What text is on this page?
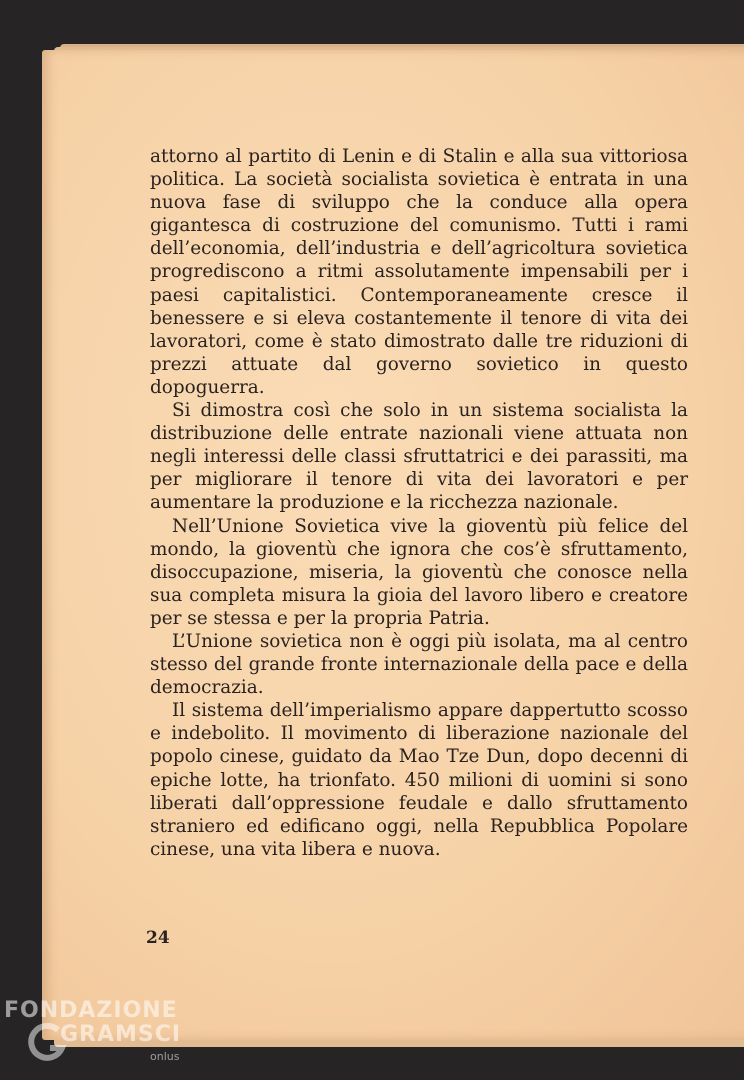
attorno al partito di Lenin e di Stalin e alla sua vittoriosa politica. La società socialista sovietica è entrata in una nuova fase di sviluppo che la conduce alla opera gigantesca di costruzione del comunismo. Tutti i rami dell’economia, dell’industria e dell’agricoltura sovietica progrediscono a ritmi assolutamente impensabili per i paesi capitalistici. Contemporaneamente cresce il benessere e si eleva costantemente il tenore di vita dei lavoratori, come è stato dimostrato dalle tre riduzioni di prezzi attuate dal governo sovietico in questo dopoguerra.

Si dimostra così che solo in un sistema socialista la distribuzione delle entrate nazionali viene attuata non negli interessi delle classi sfruttatrici e dei parassiti, ma per migliorare il tenore di vita dei lavoratori e per aumentare la produzione e la ricchezza nazionale.

Nell’Unione Sovietica vive la gioventù più felice del mondo, la gioventù che ignora che cos’è sfruttamento, disoccupazione, miseria, la gioventù che conosce nella sua completa misura la gioia del lavoro libero e creatore per se stessa e per la propria Patria.

L’Unione sovietica non è oggi più isolata, ma al centro stesso del grande fronte internazionale della pace e della democrazia.

Il sistema dell’imperialismo appare dappertutto scosso e indebolito. Il movimento di liberazione nazionale del popolo cinese, guidato da Mao Tze Dun, dopo decenni di epiche lotte, ha trionfato. 450 milioni di uomini si sono liberati dall’oppressione feudale e dallo sfruttamento straniero ed edificano oggi, nella Repubblica Popolare cinese, una vita libera e nuova.

24
FONDAZIONE
GRAMSCI
onlus
